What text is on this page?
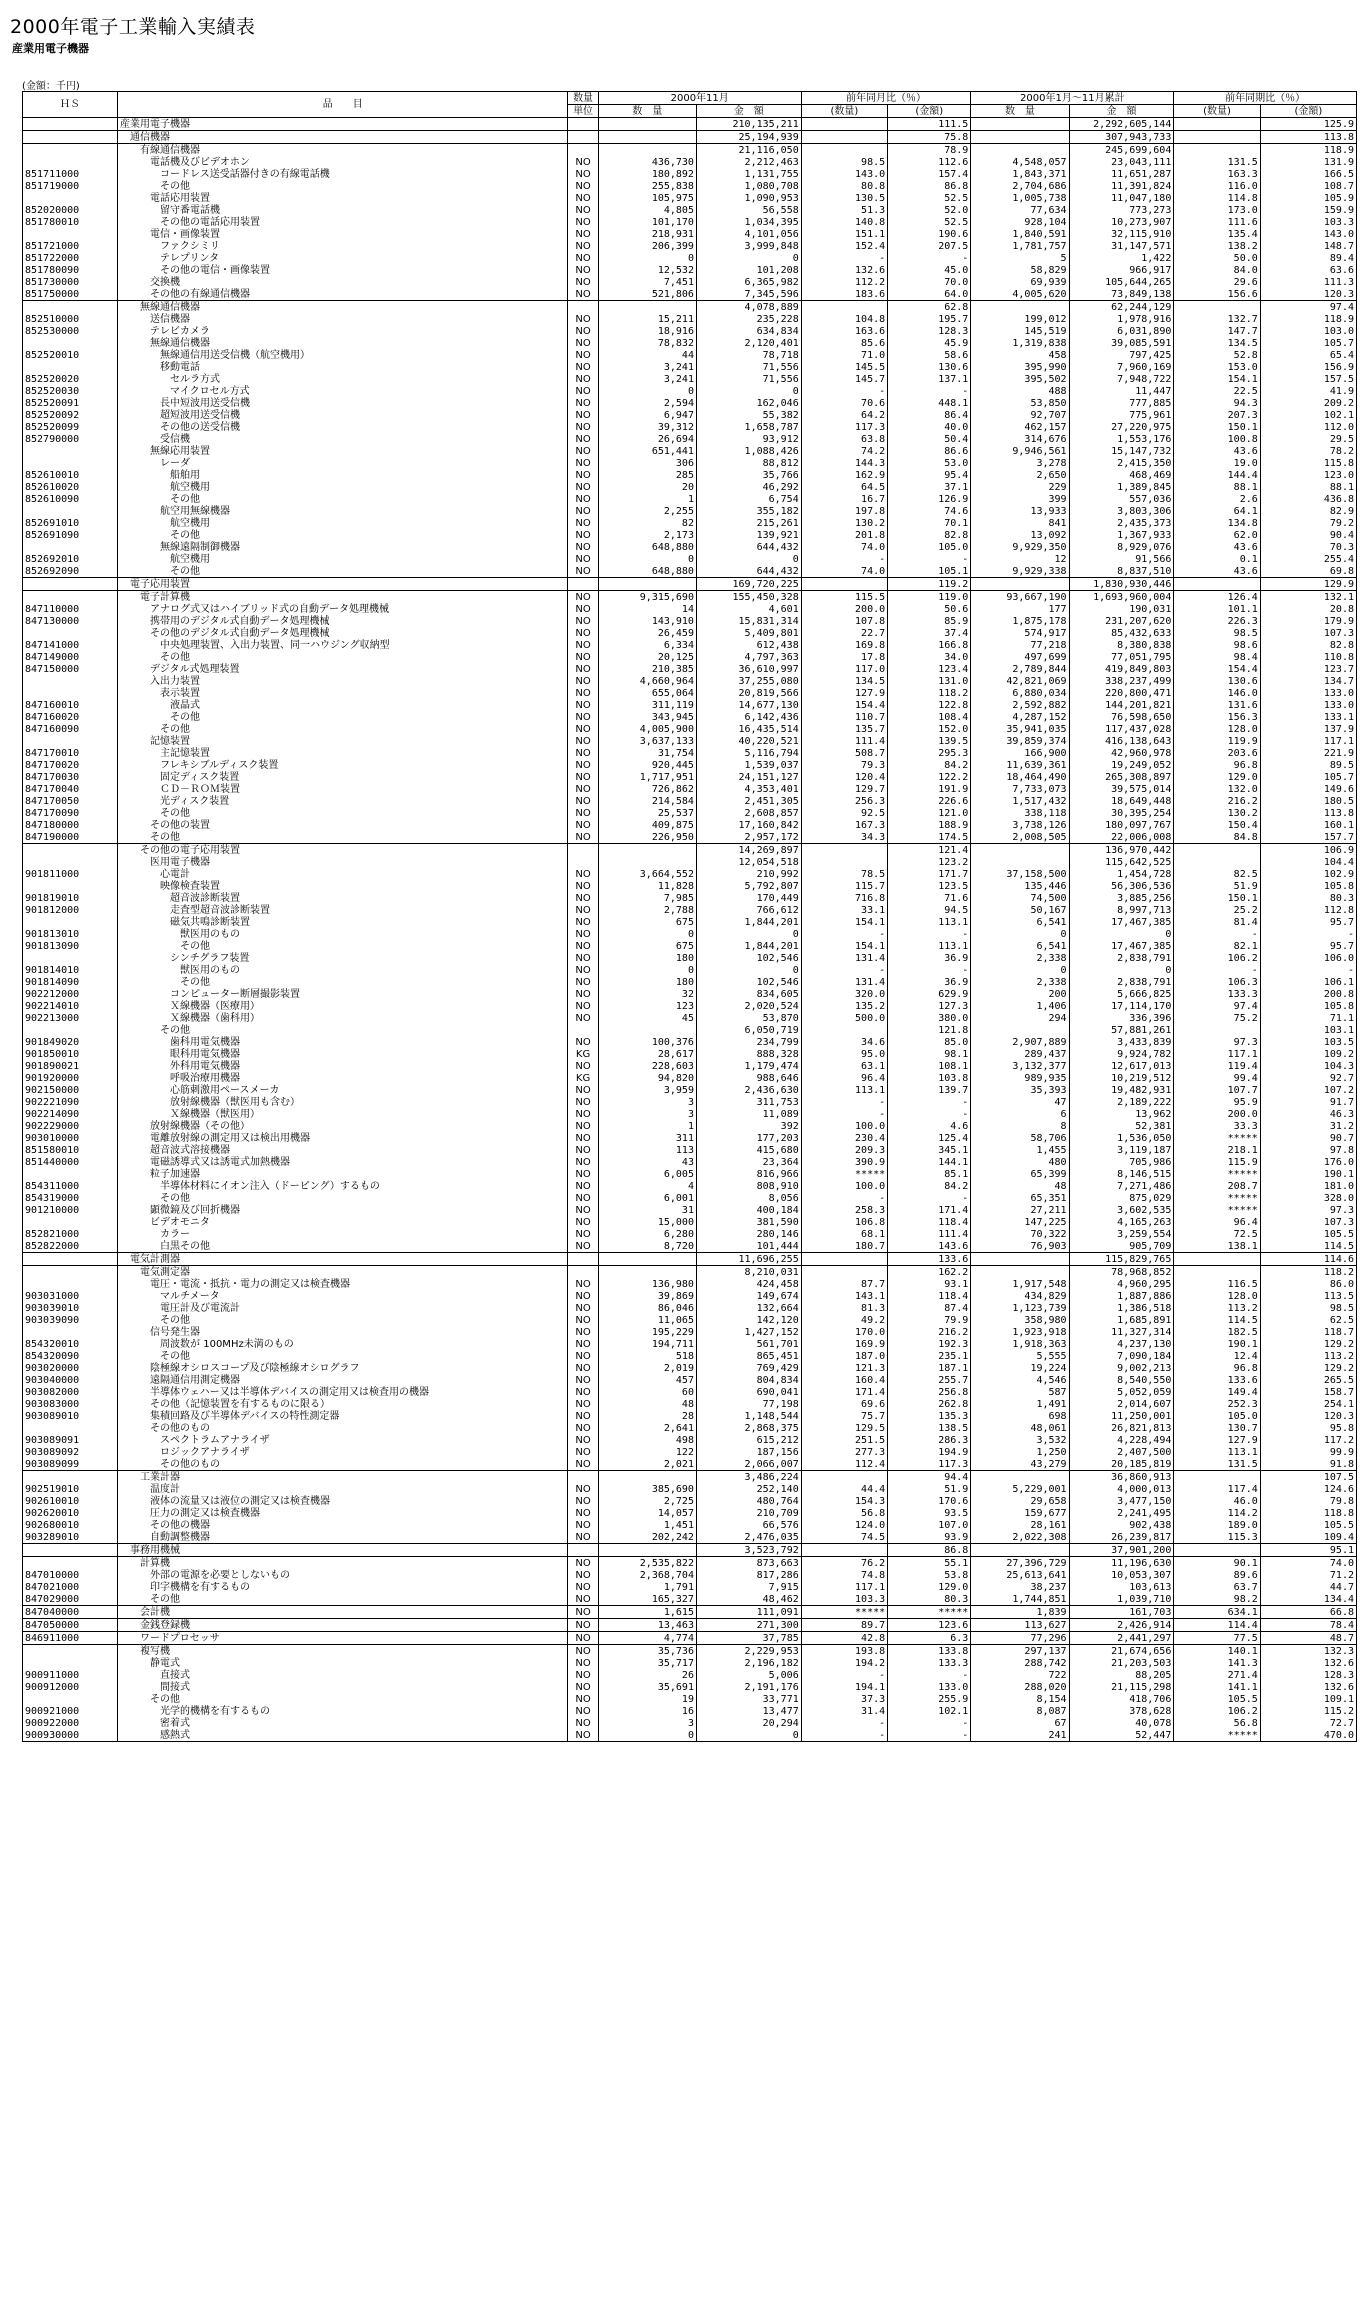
2000年電子工業輸入実績表
産業用電子機器
(金額：千円)
ＨＳ	品　　目	数量	2000年11月		前年同月比（％）		2000年1月～11月累計		前年同期比（％）	
		単位	数　量	金　額	(数量)	(金額)	数　量	金　額	(数量)	(金額)
	産業用電子機器			210,135,211		111.5		2,292,605,144		125.9
	通信機器			25,194,939		75.8		307,943,733		113.8
	有線通信機器			21,116,050		78.9		245,699,604		118.9
	電話機及びビデオホン	NO	436,730	2,212,463	98.5	112.6	4,548,057	23,043,111	131.5	131.9
851711000	コードレス送受話器付きの有線電話機	NO	180,892	1,131,755	143.0	157.4	1,843,371	11,651,287	163.3	166.5
851719000	その他	NO	255,838	1,080,708	80.8	86.8	2,704,686	11,391,824	116.0	108.7
	電話応用装置	NO	105,975	1,090,953	130.5	52.5	1,005,738	11,047,180	114.8	105.9
852020000	留守番電話機	NO	4,805	56,558	51.3	52.0	77,634	773,273	173.0	159.9
851780010	その他の電話応用装置	NO	101,170	1,034,395	140.8	52.5	928,104	10,273,907	111.6	103.3
	電信・画像装置	NO	218,931	4,101,056	151.1	190.6	1,840,591	32,115,910	135.4	143.0
851721000	ファクシミリ	NO	206,399	3,999,848	152.4	207.5	1,781,757	31,147,571	138.2	148.7
851722000	テレプリンタ	NO	0	0	-	-	5	1,422	50.0	89.4
851780090	その他の電信・画像装置	NO	12,532	101,208	132.6	45.0	58,829	966,917	84.0	63.6
851730000	交換機	NO	7,451	6,365,982	112.2	70.0	69,939	105,644,265	29.6	111.3
851750000	その他の有線通信機器	NO	521,806	7,345,596	183.6	64.0	4,005,620	73,849,138	156.6	120.3
	無線通信機器			4,078,889		62.8		62,244,129		97.4
852510000	送信機器	NO	15,211	235,228	104.8	195.7	199,012	1,978,916	132.7	118.9
852530000	テレビカメラ	NO	18,916	634,834	163.6	128.3	145,519	6,031,890	147.7	103.0
	無線通信機器	NO	78,832	2,120,401	85.6	45.9	1,319,838	39,085,591	134.5	105.7
852520010	無線通信用送受信機（航空機用）	NO	44	78,718	71.0	58.6	458	797,425	52.8	65.4
	移動電話	NO	3,241	71,556	145.5	130.6	395,990	7,960,169	153.0	156.9
852520020	セルラ方式	NO	3,241	71,556	145.7	137.1	395,502	7,948,722	154.1	157.5
852520030	マイクロセル方式	NO	0	0	-	-	488	11,447	22.5	41.9
852520091	長中短波用送受信機	NO	2,594	162,046	70.6	448.1	53,850	777,885	94.3	209.2
852520092	超短波用送受信機	NO	6,947	55,382	64.2	86.4	92,707	775,961	207.3	102.1
852520099	その他の送受信機	NO	39,312	1,658,787	117.3	40.0	462,157	27,220,975	150.1	112.0
852790000	受信機	NO	26,694	93,912	63.8	50.4	314,676	1,553,176	100.8	29.5
	無線応用装置	NO	651,441	1,088,426	74.2	86.6	9,946,561	15,147,732	43.6	78.2
	レーダ	NO	306	88,812	144.3	53.0	3,278	2,415,350	19.0	115.8
852610010	船舶用	NO	285	35,766	162.9	95.4	2,650	468,469	144.4	123.0
852610020	航空機用	NO	20	46,292	64.5	37.1	229	1,389,845	88.1	88.1
852610090	その他	NO	1	6,754	16.7	126.9	399	557,036	2.6	436.8
	航空用無線機器	NO	2,255	355,182	197.8	74.6	13,933	3,803,306	64.1	82.9
852691010	航空機用	NO	82	215,261	130.2	70.1	841	2,435,373	134.8	79.2
852691090	その他	NO	2,173	139,921	201.8	82.8	13,092	1,367,933	62.0	90.4
	無線遠隔制御機器	NO	648,880	644,432	74.0	105.0	9,929,350	8,929,076	43.6	70.3
852692010	航空機用	NO	0	0	-	-	12	91,566	0.1	255.4
852692090	その他	NO	648,880	644,432	74.0	105.1	9,929,338	8,837,510	43.6	69.8
	電子応用装置			169,720,225		119.2		1,830,930,446		129.9
	電子計算機	NO	9,315,690	155,450,328	115.5	119.0	93,667,190	1,693,960,004	126.4	132.1
847110000	アナログ式又はハイブリッド式の自動データ処理機械	NO	14	4,601	200.0	50.6	177	190,031	101.1	20.8
847130000	携帯用のデジタル式自動データ処理機械	NO	143,910	15,831,314	107.8	85.9	1,875,178	231,207,620	226.3	179.9
	その他のデジタル式自動データ処理機械	NO	26,459	5,409,801	22.7	37.4	574,917	85,432,633	98.5	107.3
847141000	中央処理装置、入出力装置、同一ハウジング収納型	NO	6,334	612,438	169.8	166.8	77,218	8,380,838	98.6	82.8
847149000	その他	NO	20,125	4,797,363	17.8	34.0	497,699	77,051,795	98.4	110.8
847150000	デジタル式処理装置	NO	210,385	36,610,997	117.0	123.4	2,789,844	419,849,803	154.4	123.7
	入出力装置	NO	4,660,964	37,255,080	134.5	131.0	42,821,069	338,237,499	130.6	134.7
	表示装置	NO	655,064	20,819,566	127.9	118.2	6,880,034	220,800,471	146.0	133.0
847160010	液晶式	NO	311,119	14,677,130	154.4	122.8	2,592,882	144,201,821	131.6	133.0
847160020	その他	NO	343,945	6,142,436	110.7	108.4	4,287,152	76,598,650	156.3	133.1
847160090	その他	NO	4,005,900	16,435,514	135.7	152.0	35,941,035	117,437,028	128.0	137.9
	記憶装置	NO	3,637,133	40,220,521	111.4	139.5	39,859,374	416,138,643	119.9	117.1
847170010	主記憶装置	NO	31,754	5,116,794	508.7	295.3	166,900	42,960,978	203.6	221.9
847170020	フレキシブルディスク装置	NO	920,445	1,539,037	79.3	84.2	11,639,361	19,249,052	96.8	89.5
847170030	固定ディスク装置	NO	1,717,951	24,151,127	120.4	122.2	18,464,490	265,308,897	129.0	105.7
847170040	ＣＤ－ＲＯＭ装置	NO	726,862	4,353,401	129.7	191.9	7,733,073	39,575,014	132.0	149.6
847170050	光ディスク装置	NO	214,584	2,451,305	256.3	226.6	1,517,432	18,649,448	216.2	180.5
847170090	その他	NO	25,537	2,608,857	92.5	121.0	338,118	30,395,254	130.2	113.8
847180000	その他の装置	NO	409,875	17,160,842	167.3	188.9	3,738,126	180,097,767	150.4	160.1
847190000	その他	NO	226,950	2,957,172	34.3	174.5	2,008,505	22,006,008	84.8	157.7
	その他の電子応用装置			14,269,897		121.4		136,970,442		106.9
	医用電子機器			12,054,518		123.2		115,642,525		104.4
901811000	心電計	NO	3,664,552	210,992	78.5	171.7	37,158,500	1,454,728	82.5	102.9
	映像検査装置	NO	11,828	5,792,807	115.7	123.5	135,446	56,306,536	51.9	105.8
901819010	超音波診断装置	NO	7,985	170,449	716.8	71.6	74,500	3,885,256	150.1	80.3
901812000	走査型超音波診断装置	NO	2,788	766,612	33.1	94.5	50,167	8,997,713	25.2	112.8
	磁気共鳴診断装置	NO	675	1,844,201	154.1	113.1	6,541	17,467,385	81.4	95.7
901813010	獣医用のもの	NO	0	0	-	-	0	0	-	-
901813090	その他	NO	675	1,844,201	154.1	113.1	6,541	17,467,385	82.1	95.7
	シンチグラフ装置	NO	180	102,546	131.4	36.9	2,338	2,838,791	106.2	106.0
901814010	獣医用のもの	NO	0	0	-	-	0	0	-	-
901814090	その他	NO	180	102,546	131.4	36.9	2,338	2,838,791	106.3	106.1
902212000	コンピューター断層撮影装置	NO	32	834,605	320.0	629.9	200	5,666,825	133.3	200.8
902214010	Ｘ線機器（医療用）	NO	123	2,020,524	135.2	127.3	1,406	17,114,170	97.4	105.8
902213000	Ｘ線機器（歯科用）	NO	45	53,870	500.0	380.0	294	336,396	75.2	71.1
	その他			6,050,719		121.8		57,881,261		103.1
901849020	歯科用電気機器	NO	100,376	234,799	34.6	85.0	2,907,889	3,433,839	97.3	103.5
901850010	眼科用電気機器	KG	28,617	888,328	95.0	98.1	289,437	9,924,782	117.1	109.2
901890021	外科用電気機器	NO	228,603	1,179,474	63.1	108.1	3,132,377	12,617,013	119.4	104.3
901920000	呼吸治療用機器	KG	94,820	988,646	96.4	103.8	989,935	10,219,512	99.4	92.7
902150000	心筋刺激用ペースメーカ	NO	3,959	2,436,630	113.1	139.7	35,393	19,482,931	107.7	107.2
902221090	放射線機器（獣医用も含む）	NO	3	311,753	-	-	47	2,189,222	95.9	91.7
902214090	Ｘ線機器（獣医用）	NO	3	11,089	-	-	6	13,962	200.0	46.3
902229000	放射線機器（その他）	NO	1	392	100.0	4.6	8	52,381	33.3	31.2
903010000	電離放射線の測定用又は検出用機器	NO	311	177,203	230.4	125.4	58,706	1,536,050	*****	90.7
851580010	超音波式溶接機器	NO	113	415,680	209.3	345.1	1,455	3,119,187	218.1	97.8
851440000	電磁誘導式又は誘電式加熱機器	NO	43	23,364	390.9	144.1	480	705,986	115.9	176.0
	粒子加速器	NO	6,005	816,966	*****	85.1	65,399	8,146,515	*****	190.1
854311000	半導体材料にイオン注入（ドーピング）するもの	NO	4	808,910	100.0	84.2	48	7,271,486	208.7	181.0
854319000	その他	NO	6,001	8,056	-	-	65,351	875,029	*****	328.0
901210000	顕微鏡及び回折機器	NO	31	400,184	258.3	171.4	27,211	3,602,535	*****	97.3
	ビデオモニタ	NO	15,000	381,590	106.8	118.4	147,225	4,165,263	96.4	107.3
852821000	カラー	NO	6,280	280,146	68.1	111.4	70,322	3,259,554	72.5	105.5
852822000	白黒その他	NO	8,720	101,444	180.7	143.6	76,903	905,709	138.1	114.5
	電気計測器			11,696,255		133.6		115,829,765		114.6
	電気測定器			8,210,031		162.2		78,968,852		118.2
	電圧・電流・抵抗・電力の測定又は検査機器	NO	136,980	424,458	87.7	93.1	1,917,548	4,960,295	116.5	86.0
903031000	マルチメータ	NO	39,869	149,674	143.1	118.4	434,829	1,887,886	128.0	113.5
903039010	電圧計及び電流計	NO	86,046	132,664	81.3	87.4	1,123,739	1,386,518	113.2	98.5
903039090	その他	NO	11,065	142,120	49.2	79.9	358,980	1,685,891	114.5	62.5
	信号発生器	NO	195,229	1,427,152	170.0	216.2	1,923,918	11,327,314	182.5	118.7
854320010	周波数が 100MHz未満のもの	NO	194,711	561,701	169.9	192.3	1,918,363	4,237,130	190.1	129.2
854320090	その他	NO	518	865,451	187.0	235.1	5,555	7,090,184	12.4	113.2
903020000	陰極線オシロスコープ及び陰極線オシログラフ	NO	2,019	769,429	121.3	187.1	19,224	9,002,213	96.8	129.2
903040000	遠隔通信用測定機器	NO	457	804,834	160.4	255.7	4,546	8,540,550	133.6	265.5
903082000	半導体ウェハー又は半導体デバイスの測定用又は検査用の機器	NO	60	690,041	171.4	256.8	587	5,052,059	149.4	158.7
903083000	その他（記憶装置を有するものに限る）	NO	48	77,198	69.6	262.8	1,491	2,014,607	252.3	254.1
903089010	集積回路及び半導体デバイスの特性測定器	NO	28	1,148,544	75.7	135.3	698	11,250,001	105.0	120.3
	その他のもの	NO	2,641	2,868,375	129.5	138.5	48,061	26,821,813	130.7	95.8
903089091	スペクトラムアナライザ	NO	498	615,212	251.5	286.3	3,532	4,228,494	127.9	117.2
903089092	ロジックアナライザ	NO	122	187,156	277.3	194.9	1,250	2,407,500	113.1	99.9
903089099	その他のもの	NO	2,021	2,066,007	112.4	117.3	43,279	20,185,819	131.5	91.8
	工業計器			3,486,224		94.4		36,860,913		107.5
902519010	温度計	NO	385,690	252,140	44.4	51.9	5,229,001	4,000,013	117.4	124.6
902610010	液体の流量又は液位の測定又は検査機器	NO	2,725	480,764	154.3	170.6	29,658	3,477,150	46.0	79.8
902620010	圧力の測定又は検査機器	NO	14,057	210,709	56.8	93.5	159,677	2,241,495	114.2	118.8
902680010	その他の機器	NO	1,451	66,576	124.0	107.0	28,161	902,438	189.0	105.5
903289010	自動調整機器	NO	202,242	2,476,035	74.5	93.9	2,022,308	26,239,817	115.3	109.4
	事務用機械			3,523,792		86.8		37,901,200		95.1
	計算機	NO	2,535,822	873,663	76.2	55.1	27,396,729	11,196,630	90.1	74.0
847010000	外部の電源を必要としないもの	NO	2,368,704	817,286	74.8	53.8	25,613,641	10,053,307	89.6	71.2
847021000	印字機構を有するもの	NO	1,791	7,915	117.1	129.0	38,237	103,613	63.7	44.7
847029000	その他	NO	165,327	48,462	103.3	80.3	1,744,851	1,039,710	98.2	134.4
847040000	会計機	NO	1,615	111,091	*****	*****	1,839	161,703	634.1	66.8
847050000	金銭登録機	NO	13,463	271,300	89.7	123.6	113,627	2,426,914	114.4	78.4
846911000	ワードプロセッサ	NO	4,774	37,785	42.8	6.3	77,296	2,441,297	77.5	48.7
	複写機	NO	35,736	2,229,953	193.8	133.8	297,137	21,674,656	140.1	132.3
	静電式	NO	35,717	2,196,182	194.2	133.3	288,742	21,203,503	141.3	132.6
900911000	直接式	NO	26	5,006	-	-	722	88,205	271.4	128.3
900912000	間接式	NO	35,691	2,191,176	194.1	133.0	288,020	21,115,298	141.1	132.6
	その他	NO	19	33,771	37.3	255.9	8,154	418,706	105.5	109.1
900921000	光学的機構を有するもの	NO	16	13,477	31.4	102.1	8,087	378,628	106.2	115.2
900922000	密着式	NO	3	20,294	-	-	67	40,078	56.8	72.7
900930000	感熱式	NO	0	0	-	-	241	52,447	*****	470.0
